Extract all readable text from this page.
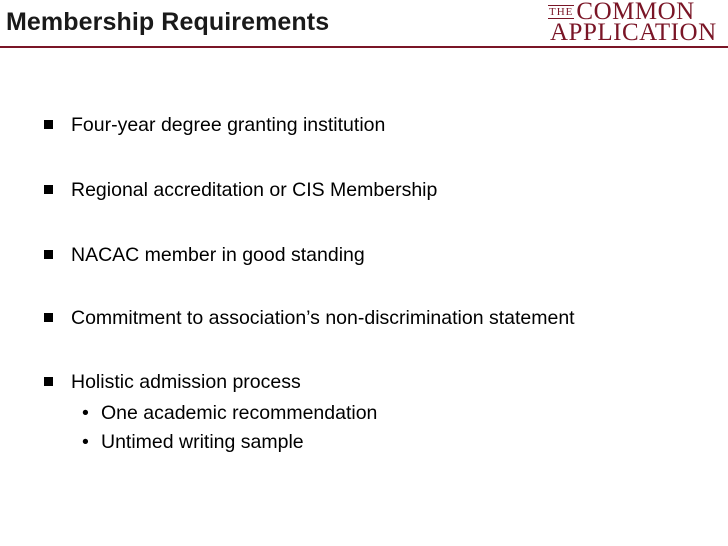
Membership Requirements	THE COMMON
APPLICATION
Four-year degree granting institution
Regional accreditation or CIS Membership
NACAC member in good standing
Commitment to association’s non-discrimination statement
Holistic admission process
• One academic recommendation
• Untimed writing sample
